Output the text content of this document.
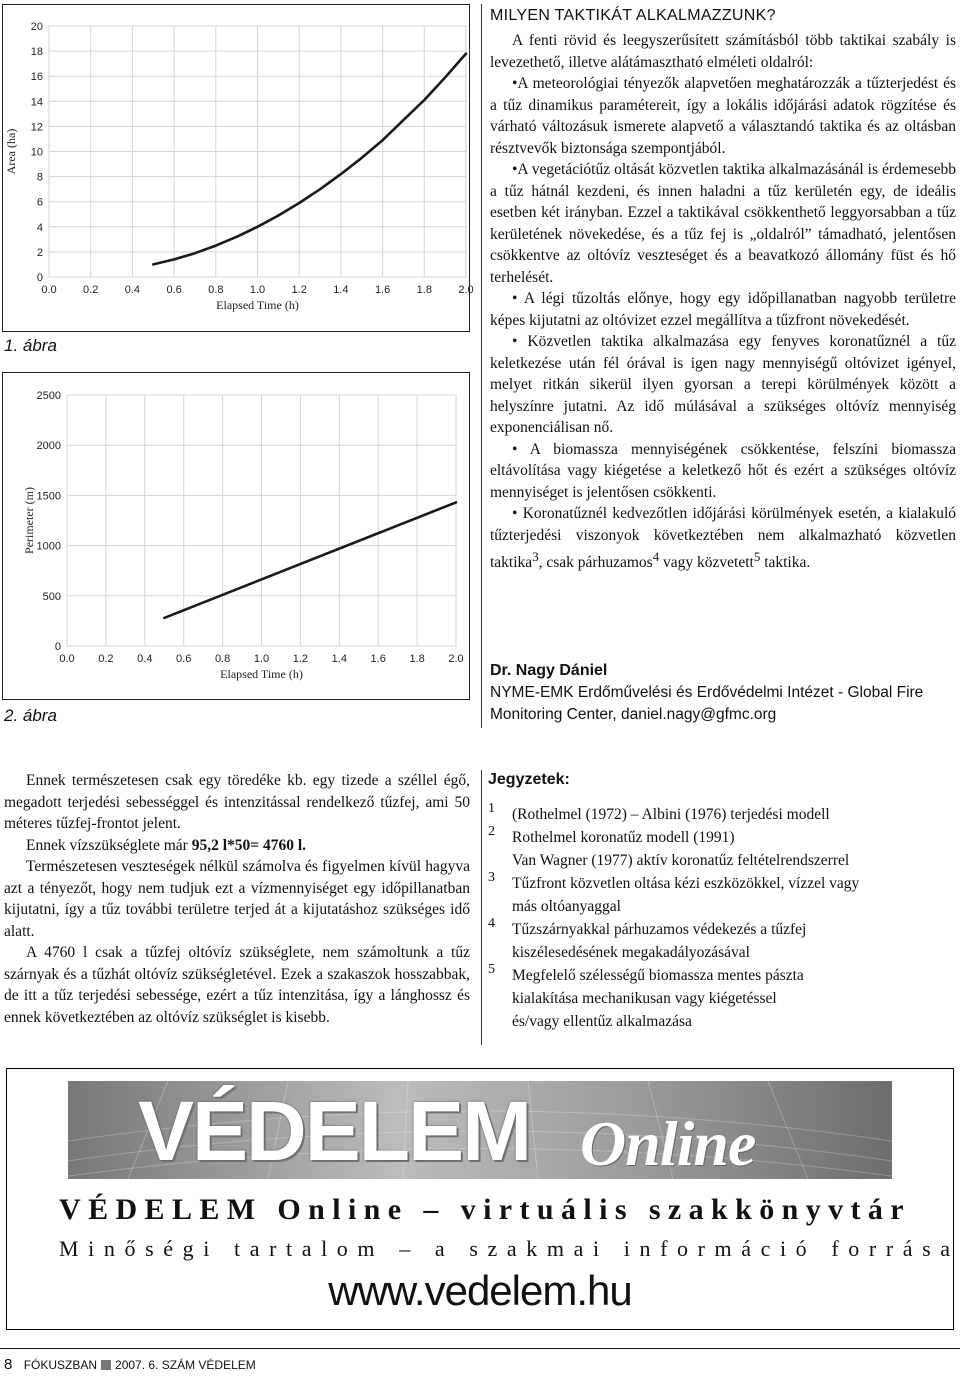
0
2
4
6
8
10
12
14
16
18
20
0.0 0.2 0.4 0.6 0.8 1.0 1.2 1.4 1.6 1.8 2.0
Elapsed Time (h)
Area (ha)
1. ábra
0
500
1000
1500
2000
2500
0.0 0.2 0.4 0.6 0.8 1.0 1.2 1.4 1.6 1.8 2.0
Elapsed Time (h)
Perimeter (m)
2. ábra
MILYEN TAKTIKÁT ALKALMAZZUNK?

A fenti rövid és leegyszerűsített számításból több taktikai szabály is levezethető, illetve alátámasztható elméleti oldalról:

•A meteorológiai tényezők alapvetően meghatározzák a tűzterjedést és a tűz dinamikus paramétereit, így a lokális időjárási adatok rögzítése és várható változásuk ismerete alapvető a választandó taktika és az oltásban résztvevők biztonsága szempontjából.

•A vegetációtűz oltását közvetlen taktika alkalmazásánál is érdemesebb a tűz hátnál kezdeni, és innen haladni a tűz kerületén egy, de ideális esetben két irányban. Ezzel a taktikával csökkenthető leggyorsabban a tűz kerületének növekedése, és a tűz fej is „oldalról” támadható, jelentősen csökkentve az oltóvíz veszteséget és a beavatkozó állomány füst és hő terhelését.

• A légi tűzoltás előnye, hogy egy időpillanatban nagyobb területre képes kijutatni az oltóvizet ezzel megállítva a tűzfront növekedését.

• Közvetlen taktika alkalmazása egy fenyves koronatűznél a tűz keletkezése után fél órával is igen nagy mennyiségű oltóvizet igényel, melyet ritkán sikerül ilyen gyorsan a terepi körülmények között a helyszínre jutatni. Az idő múlásával a szükséges oltóvíz mennyiség exponenciálisan nő.

• A biomassza mennyiségének csökkentése, felszíni biomassza eltávolítása vagy kiégetése a keletkező hőt és ezért a szükséges oltóvíz mennyiséget is jelentősen csökkenti.

• Koronatűznél kedvezőtlen időjárási körülmények esetén, a kialakuló tűzterjedési viszonyok következtében nem alkalmazható közvetlen taktika$^3$, csak párhuzamos$^4$ vagy közvetett$^5$ taktika.

Dr. Nagy Dániel
NYME-EMK Erdőművelési és Erdővédelmi Intézet - Global Fire Monitoring Center, daniel.nagy@gfmc.org

Ennek természetesen csak egy töredéke kb. egy tizede a széllel égő, megadott terjedési sebességgel és intenzitással rendelkező tűzfej, ami 50 méteres tűzfej-frontot jelent.

Ennek vízszükséglete már 95,2 l*50= 4760 l.

Természetesen veszteségek nélkül számolva és figyelmen kívül hagyva azt a tényezőt, hogy nem tudjuk ezt a vízmennyiséget egy időpillanatban kijutatni, így a tűz további területre terjed át a kijutatáshoz szükséges idő alatt.

A 4760 l csak a tűzfej oltóvíz szükséglete, nem számoltunk a tűz szárnyak és a tűzhát oltóvíz szükségletével. Ezek a szakaszok hosszabbak, de itt a tűz terjedési sebessége, ezért a tűz intenzitása, így a lánghossz és ennek következtében az oltóvíz szükséglet is kisebb.

Jegyzetek:
1 (Rothelmel (1972) – Albini (1976) terjedési modell
2 Rothelmel koronatűz modell (1991)
Van Wagner (1977) aktív koronatűz feltételrendszerrel
3 Tűzfront közvetlen oltása kézi eszközökkel, vízzel vagy
más oltóanyaggal
4 Tűzszárnyakkal párhuzamos védekezés a tűzfej
kiszélesedésének megakadályozásával
5 Megfelelő szélességű biomassza mentes pászta
kialakítása mechanikusan vagy kiégetéssel
és/vagy ellentűz alkalmazása
VÉDELEM Online
VÉDELEM Online – virtuális szakkönyvtár
Minőségi tartalom – a szakmai információ forrása
www.vedelem.hu
8 FÓKUSZBAN 2007. 6. SZÁM VÉDELEM
